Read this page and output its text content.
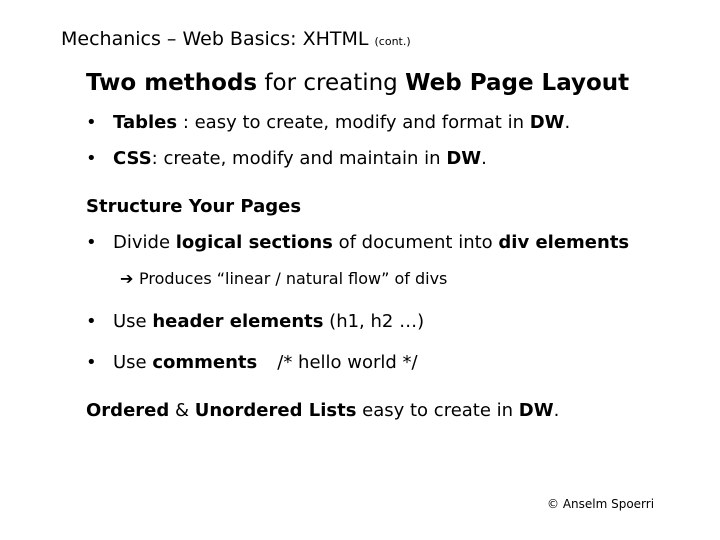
Mechanics – Web Basics: XHTML (cont.)
Two methods for creating Web Page Layout
• Tables : easy to create, modify and format in DW.
• CSS: create, modify and maintain in DW.
Structure Your Pages
• Divide logical sections of document into div elements
➔ Produces “linear / natural flow” of divs
• Use header elements (h1, h2 …)
• Use comments /* hello world */
Ordered & Unordered Lists easy to create in DW.
© Anselm Spoerri
